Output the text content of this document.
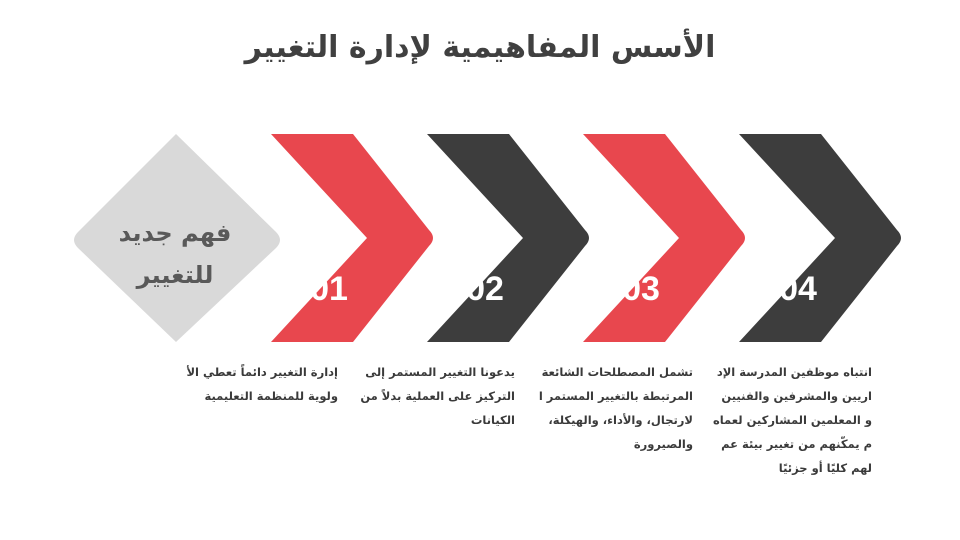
الأسس المفاهيمية لإدارة التغيير
فهم جديد
للتغيير	01	02	03	04
إدارة التغيير دائماً تعطي الأ ولوية للمنظمة التعليمية
يدعونا التغيير المستمر إلى التركيز على العملية بدلاً من الكيانات
تشمل المصطلحات الشائعة المرتبطة بالتغيير المستمر ا لارتجال، والأداء، والهيكلة، والصيرورة
انتباه موظفين المدرسة الإد اريين والمشرفين والفنيين و المعلمين المشاركين لعماه م يمكّنهم من تغيير بيئة عم لهم كليًا أو جزئيًا
